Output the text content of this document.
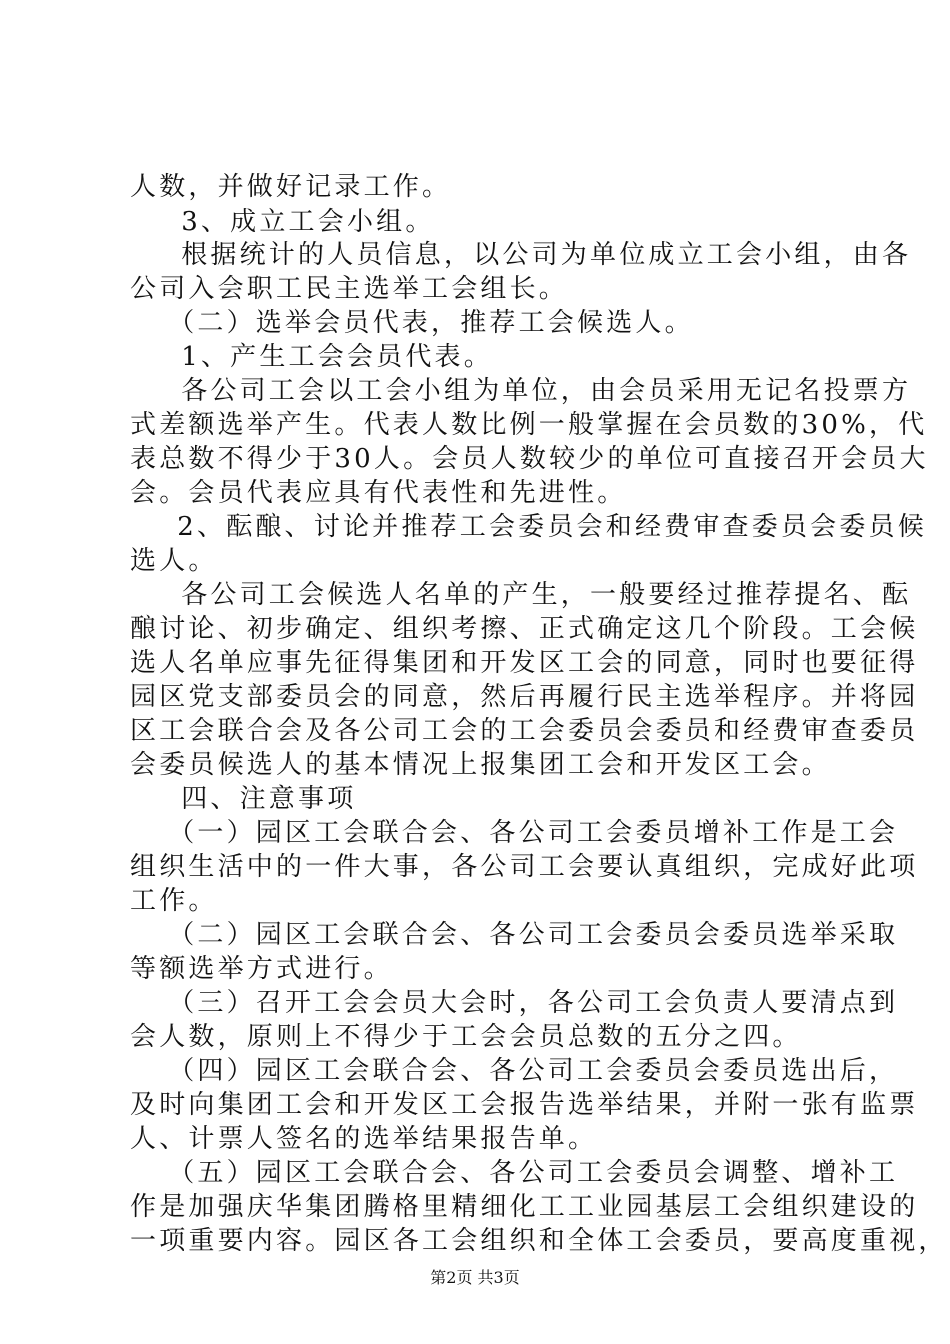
人数，并做好记录工作。
　3、成立工会小组。
　根据统计的人员信息，以公司为单位成立工会小组，由各
公司入会职工民主选举工会组长。
　（二）选举会员代表，推荐工会候选人。
　1、产生工会会员代表。
　各公司工会以工会小组为单位，由会员采用无记名投票方
式差额选举产生。代表人数比例一般掌握在会员数的30%，代
表总数不得少于30人。会员人数较少的单位可直接召开会员大
会。会员代表应具有代表性和先进性。
　2、酝酿、讨论并推荐工会委员会和经费审查委员会委员候
选人。
　各公司工会候选人名单的产生，一般要经过推荐提名、酝
酿讨论、初步确定、组织考擦、正式确定这几个阶段。工会候
选人名单应事先征得集团和开发区工会的同意，同时也要征得
园区党支部委员会的同意，然后再履行民主选举程序。并将园
区工会联合会及各公司工会的工会委员会委员和经费审查委员
会委员候选人的基本情况上报集团工会和开发区工会。
　四、注意事项
　（一）园区工会联合会、各公司工会委员增补工作是工会
组织生活中的一件大事，各公司工会要认真组织，完成好此项
工作。
　（二）园区工会联合会、各公司工会委员会委员选举采取
等额选举方式进行。
　（三）召开工会会员大会时，各公司工会负责人要清点到
会人数，原则上不得少于工会会员总数的五分之四。
　（四）园区工会联合会、各公司工会委员会委员选出后，
及时向集团工会和开发区工会报告选举结果，并附一张有监票
人、计票人签名的选举结果报告单。
　（五）园区工会联合会、各公司工会委员会调整、增补工
作是加强庆华集团腾格里精细化工工业园基层工会组织建设的
一项重要内容。园区各工会组织和全体工会委员，要高度重视，
第2页 共3页
